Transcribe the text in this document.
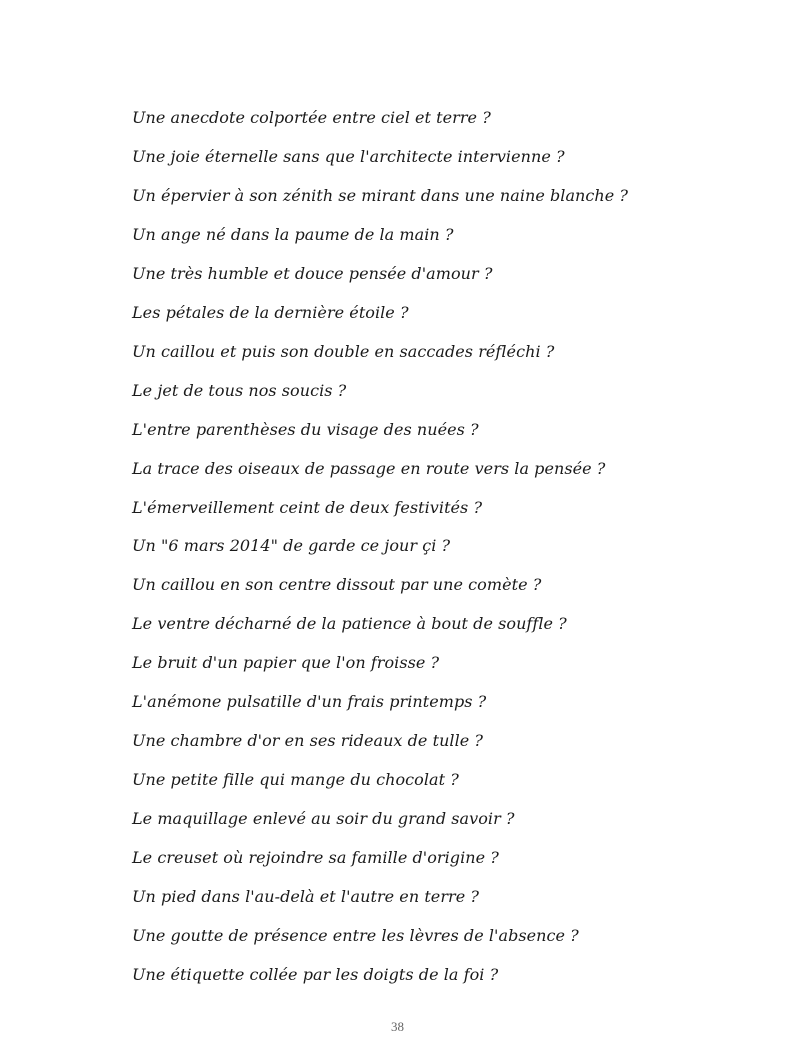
Une anecdote colportée entre ciel et terre ?
Une joie éternelle sans que l'architecte intervienne ?
Un épervier à son zénith se mirant dans une naine blanche ?
Un ange né dans la paume de la main ?
Une très humble et douce pensée d'amour ?
Les pétales de la dernière étoile ?
Un caillou et puis son double en saccades réfléchi ?
Le jet de tous nos soucis ?
L'entre parenthèses du visage des nuées ?
La trace des oiseaux de passage en route vers la pensée ?
L'émerveillement ceint de deux festivités ?
Un "6 mars 2014" de garde ce jour çi ?
Un caillou en son centre dissout par une comète ?
Le ventre décharné de la patience à bout de souffle ?
Le bruit d'un papier que l'on froisse ?
L'anémone pulsatille d'un frais printemps ?
Une chambre d'or en ses rideaux de tulle ?
Une petite fille qui mange du chocolat ?
Le maquillage enlevé au soir du grand savoir ?
Le creuset où rejoindre sa famille d'origine ?
Un pied dans l'au-delà et l'autre en terre ?
Une goutte de présence entre les lèvres de l'absence ?
Une étiquette collée par les doigts de la foi ?
38
